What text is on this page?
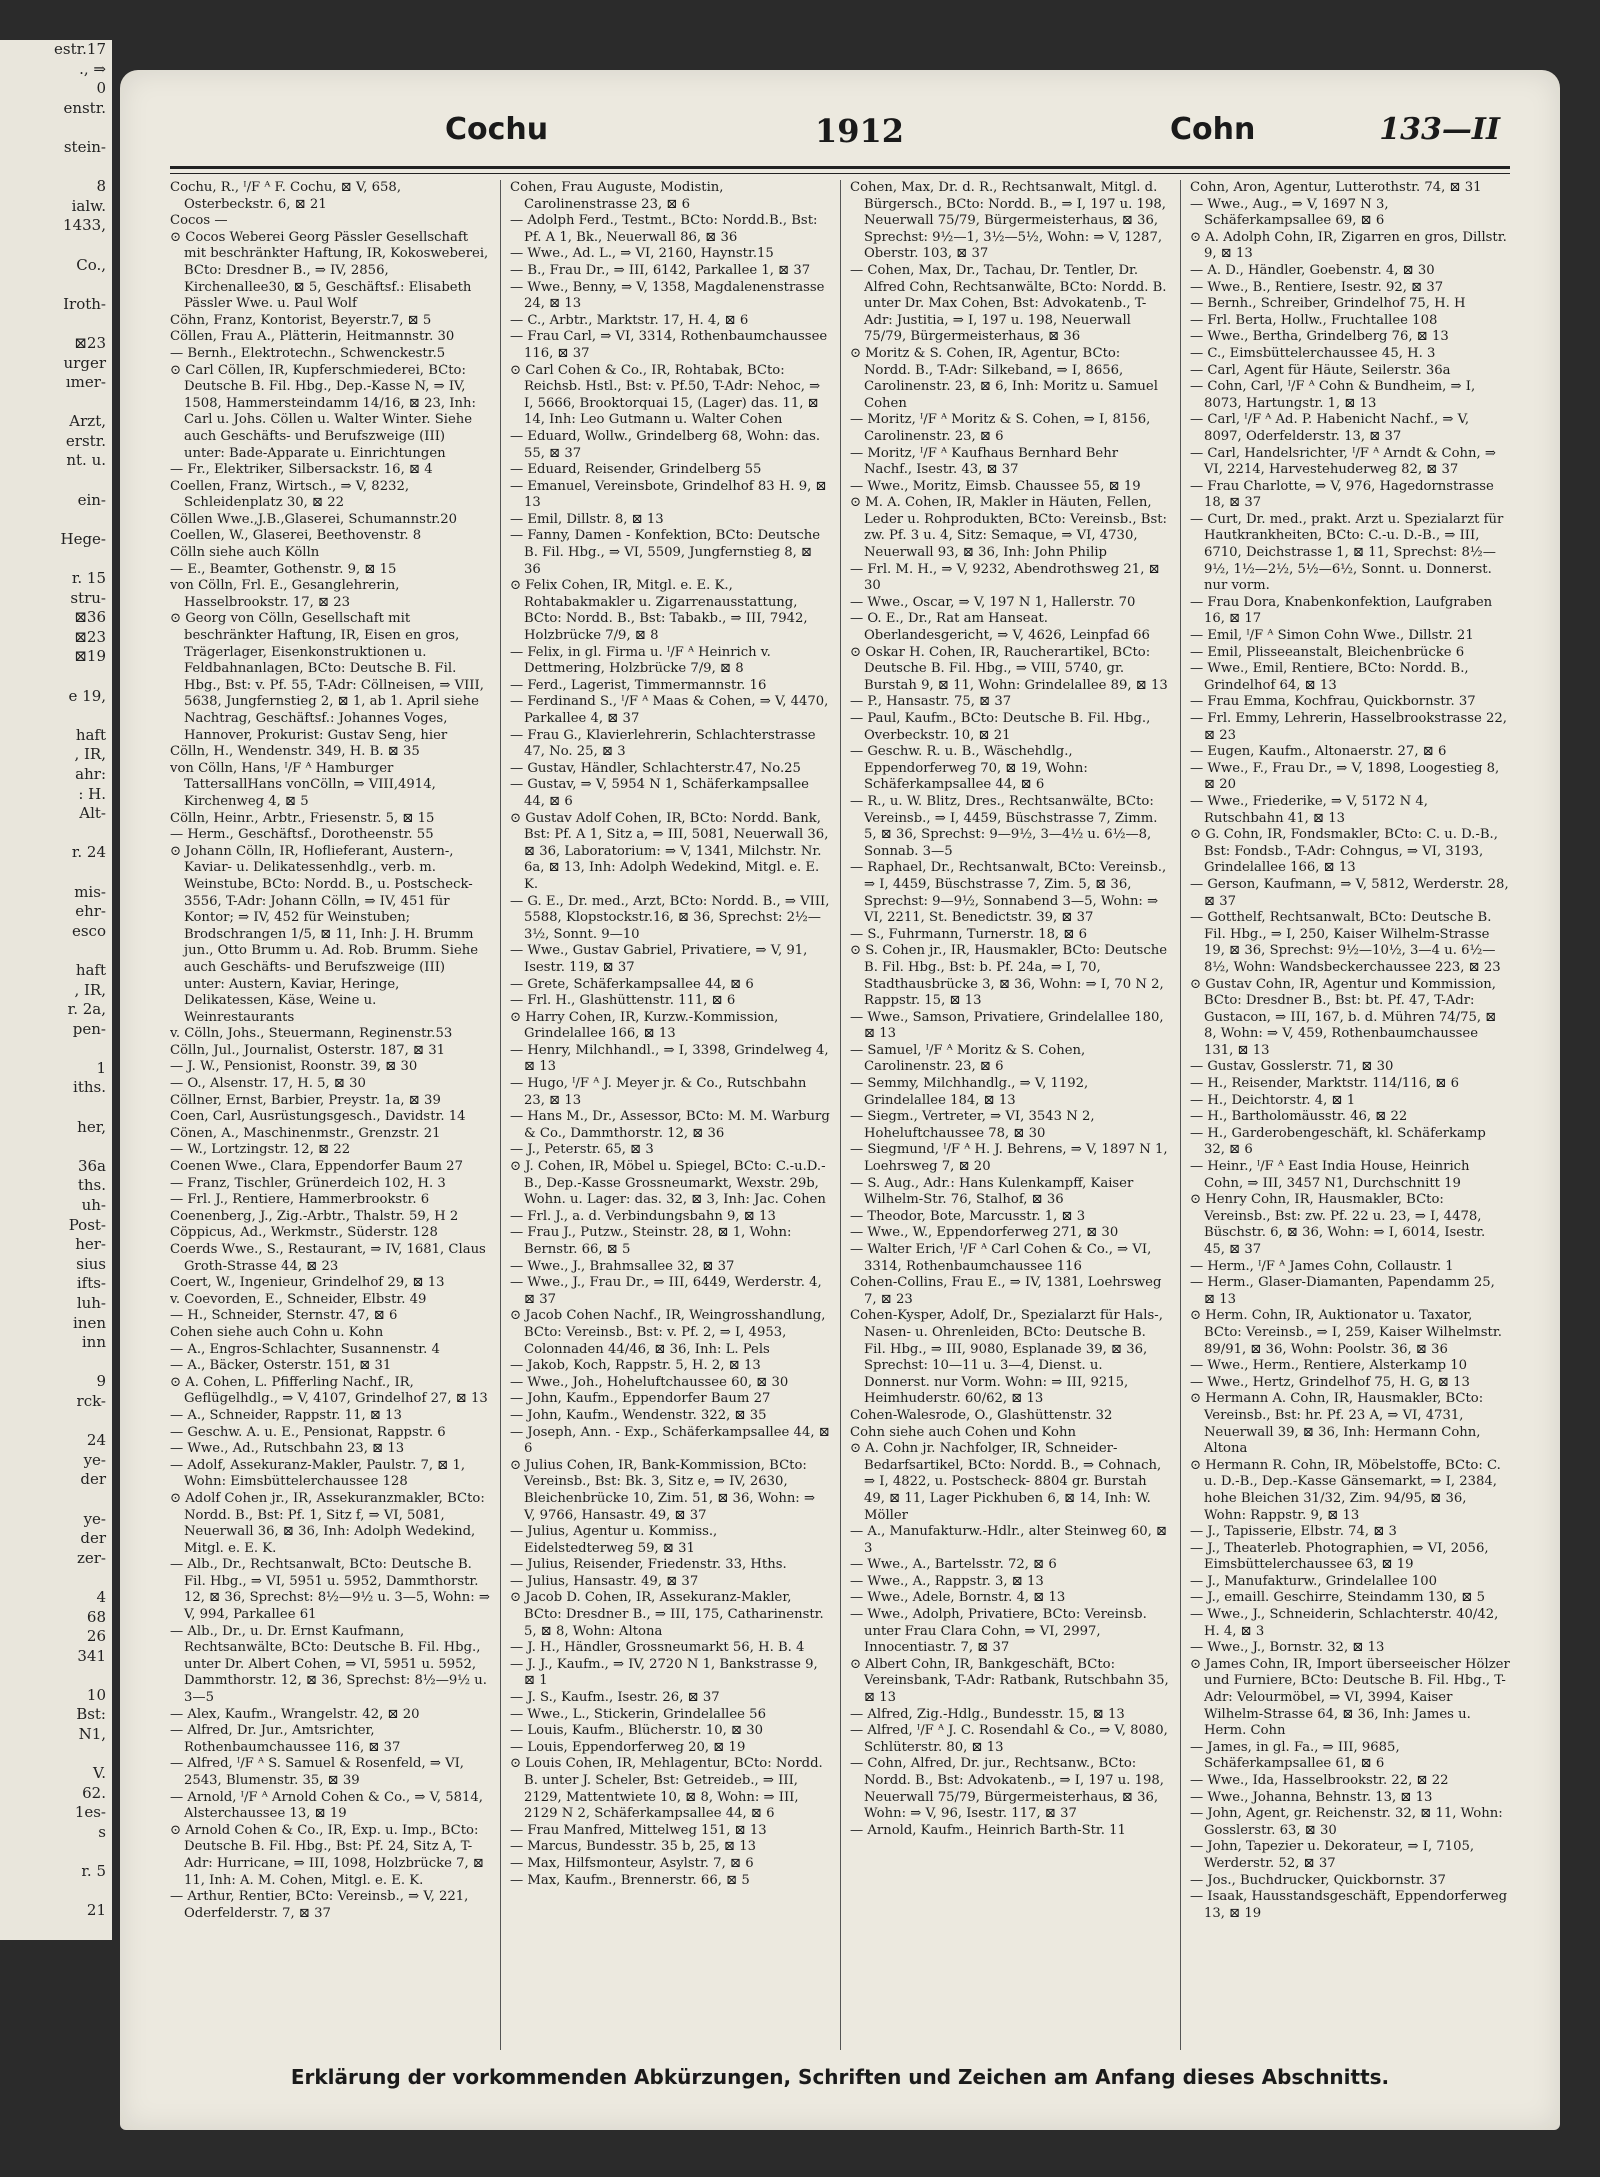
estr.17
., ⇒
0
enstr.

stein-

8
ialw.
1433,

Co.,

Iroth-

⊠23
urger
ımer-

Arzt,
erstr.
nt. u.

ein-

Hege-

r. 15
stru-
⊠36
⊠23
⊠19

e 19,

haft
, IR,
ahr:
: H.
Alt-

r. 24

mis-
ehr-
esco

haft
, IR,
r. 2a,
pen-

1
iths.

her,

36a
ths.
uh-
Post-
her-
sius
ifts-
luh-
inen
inn

9
rck-

24
ye-
der

ye-
der
zer-

4
68
26
341

10
Bst:
N1,

V.
62.
1es-
s

r. 5

21
Cochu	1912	Cohn	133—II
Cochu, R., ᴵ/F ᴬ F. Cochu, ⊠ V, 658, Osterbeckstr. 6, ⊠ 21
Cocos —
⊙ Cocos Weberei Georg Pässler Gesellschaft mit beschränkter Haftung, IR, Kokosweberei, BCto: Dresdner B., ⇒ IV, 2856, Kirchenallee30, ⊠ 5, Geschäftsf.: Elisabeth Pässler Wwe. u. Paul Wolf
Cöhn, Franz, Kontorist, Beyerstr.7, ⊠ 5
Cöllen, Frau A., Plätterin, Heitmannstr. 30
— Bernh., Elektrotechn., Schwenckestr.5
⊙ Carl Cöllen, IR, Kupferschmiederei, BCto: Deutsche B. Fil. Hbg., Dep.-Kasse N, ⇒ IV, 1508, Hammersteindamm 14/16, ⊠ 23, Inh: Carl u. Johs. Cöllen u. Walter Winter. Siehe auch Geschäfts- und Berufszweige (III) unter: Bade-Apparate u. Einrichtungen
— Fr., Elektriker, Silbersackstr. 16, ⊠ 4
Coellen, Franz, Wirtsch., ⇒ V, 8232, Schleidenplatz 30, ⊠ 22
Cöllen Wwe.,J.B.,Glaserei, Schumannstr.20
Coellen, W., Glaserei, Beethovenstr. 8
Cölln siehe auch Kölln
— E., Beamter, Gothenstr. 9, ⊠ 15
von Cölln, Frl. E., Gesanglehrerin, Hasselbrookstr. 17, ⊠ 23
⊙ Georg von Cölln, Gesellschaft mit beschränkter Haftung, IR, Eisen en gros, Trägerlager, Eisenkonstruktionen u. Feldbahnanlagen, BCto: Deutsche B. Fil. Hbg., Bst: v. Pf. 55, T-Adr: Cöllneisen, ⇒ VIII, 5638, Jungfernstieg 2, ⊠ 1, ab 1. April siehe Nachtrag, Geschäftsf.: Johannes Voges, Hannover, Prokurist: Gustav Seng, hier
Cölln, H., Wendenstr. 349, H. B. ⊠ 35
von Cölln, Hans, ᴵ/F ᴬ Hamburger TattersallHans vonCölln, ⇒ VIII,4914, Kirchenweg 4, ⊠ 5
Cölln, Heinr., Arbtr., Friesenstr. 5, ⊠ 15
— Herm., Geschäftsf., Dorotheenstr. 55
⊙ Johann Cölln, IR, Hoflieferant, Austern-, Kaviar- u. Delikatessenhdlg., verb. m. Weinstube, BCto: Nordd. B., u. Postscheck- 3556, T-Adr: Johann Cölln, ⇒ IV, 451 für Kontor; ⇒ IV, 452 für Weinstuben; Brodschrangen 1/5, ⊠ 11, Inh: J. H. Brumm jun., Otto Brumm u. Ad. Rob. Brumm. Siehe auch Geschäfts- und Berufszweige (III) unter: Austern, Kaviar, Heringe, Delikatessen, Käse, Weine u. Weinrestaurants
v. Cölln, Johs., Steuermann, Reginenstr.53
Cölln, Jul., Journalist, Osterstr. 187, ⊠ 31
— J. W., Pensionist, Roonstr. 39, ⊠ 30
— O., Alsenstr. 17, H. 5, ⊠ 30
Cöllner, Ernst, Barbier, Preystr. 1a, ⊠ 39
Coen, Carl, Ausrüstungsgesch., Davidstr. 14
Cönen, A., Maschinenmstr., Grenzstr. 21
— W., Lortzingstr. 12, ⊠ 22
Coenen Wwe., Clara, Eppendorfer Baum 27
— Franz, Tischler, Grünerdeich 102, H. 3
— Frl. J., Rentiere, Hammerbrookstr. 6
Coenenberg, J., Zig.-Arbtr., Thalstr. 59, H 2
Cöppicus, Ad., Werkmstr., Süderstr. 128
Coerds Wwe., S., Restaurant, ⇒ IV, 1681, Claus Groth-Strasse 44, ⊠ 23
Coert, W., Ingenieur, Grindelhof 29, ⊠ 13
v. Coevorden, E., Schneider, Elbstr. 49
— H., Schneider, Sternstr. 47, ⊠ 6
Cohen siehe auch Cohn u. Kohn
— A., Engros-Schlachter, Susannenstr. 4
— A., Bäcker, Osterstr. 151, ⊠ 31
⊙ A. Cohen, L. Pfifferling Nachf., IR, Geflügelhdlg., ⇒ V, 4107, Grindelhof 27, ⊠ 13
— A., Schneider, Rappstr. 11, ⊠ 13
— Geschw. A. u. E., Pensionat, Rappstr. 6
— Wwe., Ad., Rutschbahn 23, ⊠ 13
— Adolf, Assekuranz-Makler, Paulstr. 7, ⊠ 1, Wohn: Eimsbüttelerchaussee 128
⊙ Adolf Cohen jr., IR, Assekuranzmakler, BCto: Nordd. B., Bst: Pf. 1, Sitz f, ⇒ VI, 5081, Neuerwall 36, ⊠ 36, Inh: Adolph Wedekind, Mitgl. e. E. K.
— Alb., Dr., Rechtsanwalt, BCto: Deutsche B. Fil. Hbg., ⇒ VI, 5951 u. 5952, Dammthorstr. 12, ⊠ 36, Sprechst: 8½—9½ u. 3—5, Wohn: ⇒ V, 994, Parkallee 61
— Alb., Dr., u. Dr. Ernst Kaufmann, Rechtsanwälte, BCto: Deutsche B. Fil. Hbg., unter Dr. Albert Cohen, ⇒ VI, 5951 u. 5952, Dammthorstr. 12, ⊠ 36, Sprechst: 8½—9½ u. 3—5
— Alex, Kaufm., Wrangelstr. 42, ⊠ 20
— Alfred, Dr. Jur., Amtsrichter, Rothenbaumchaussee 116, ⊠ 37
— Alfred, ᴵ/F ᴬ S. Samuel & Rosenfeld, ⇒ VI, 2543, Blumenstr. 35, ⊠ 39
— Arnold, ᴵ/F ᴬ Arnold Cohen & Co., ⇒ V, 5814, Alsterchaussee 13, ⊠ 19
⊙ Arnold Cohen & Co., IR, Exp. u. Imp., BCto: Deutsche B. Fil. Hbg., Bst: Pf. 24, Sitz A, T-Adr: Hurricane, ⇒ III, 1098, Holzbrücke 7, ⊠ 11, Inh: A. M. Cohen, Mitgl. e. E. K.
— Arthur, Rentier, BCto: Vereinsb., ⇒ V, 221, Oderfelderstr. 7, ⊠ 37
Cohen, Frau Auguste, Modistin, Carolinenstrasse 23, ⊠ 6
— Adolph Ferd., Testmt., BCto: Nordd.B., Bst: Pf. A 1, Bk., Neuerwall 86, ⊠ 36
— Wwe., Ad. L., ⇒ VI, 2160, Haynstr.15
— B., Frau Dr., ⇒ III, 6142, Parkallee 1, ⊠ 37
— Wwe., Benny, ⇒ V, 1358, Magdalenenstrasse 24, ⊠ 13
— C., Arbtr., Marktstr. 17, H. 4, ⊠ 6
— Frau Carl, ⇒ VI, 3314, Rothenbaumchaussee 116, ⊠ 37
⊙ Carl Cohen & Co., IR, Rohtabak, BCto: Reichsb. Hstl., Bst: v. Pf.50, T-Adr: Nehoc, ⇒ I, 5666, Brooktorquai 15, (Lager) das. 11, ⊠ 14, Inh: Leo Gutmann u. Walter Cohen
— Eduard, Wollw., Grindelberg 68, Wohn: das. 55, ⊠ 37
— Eduard, Reisender, Grindelberg 55
— Emanuel, Vereinsbote, Grindelhof 83 H. 9, ⊠ 13
— Emil, Dillstr. 8, ⊠ 13
— Fanny, Damen - Konfektion, BCto: Deutsche B. Fil. Hbg., ⇒ VI, 5509, Jungfernstieg 8, ⊠ 36
⊙ Felix Cohen, IR, Mitgl. e. E. K., Rohtabakmakler u. Zigarrenausstattung, BCto: Nordd. B., Bst: Tabakb., ⇒ III, 7942, Holzbrücke 7/9, ⊠ 8
— Felix, in gl. Firma u. ᴵ/F ᴬ Heinrich v. Dettmering, Holzbrücke 7/9, ⊠ 8
— Ferd., Lagerist, Timmermannstr. 16
— Ferdinand S., ᴵ/F ᴬ Maas & Cohen, ⇒ V, 4470, Parkallee 4, ⊠ 37
— Frau G., Klavierlehrerin, Schlachterstrasse 47, No. 25, ⊠ 3
— Gustav, Händler, Schlachterstr.47, No.25
— Gustav, ⇒ V, 5954 N 1, Schäferkampsallee 44, ⊠ 6
⊙ Gustav Adolf Cohen, IR, BCto: Nordd. Bank, Bst: Pf. A 1, Sitz a, ⇒ III, 5081, Neuerwall 36, ⊠ 36, Laboratorium: ⇒ V, 1341, Milchstr. Nr. 6a, ⊠ 13, Inh: Adolph Wedekind, Mitgl. e. E. K.
— G. E., Dr. med., Arzt, BCto: Nordd. B., ⇒ VIII, 5588, Klopstockstr.16, ⊠ 36, Sprechst: 2½—3½, Sonnt. 9—10
— Wwe., Gustav Gabriel, Privatiere, ⇒ V, 91, Isestr. 119, ⊠ 37
— Grete, Schäferkampsallee 44, ⊠ 6
— Frl. H., Glashüttenstr. 111, ⊠ 6
⊙ Harry Cohen, IR, Kurzw.-Kommission, Grindelallee 166, ⊠ 13
— Henry, Milchhandl., ⇒ I, 3398, Grindelweg 4, ⊠ 13
— Hugo, ᴵ/F ᴬ J. Meyer jr. & Co., Rutschbahn 23, ⊠ 13
— Hans M., Dr., Assessor, BCto: M. M. Warburg & Co., Dammthorstr. 12, ⊠ 36
— J., Peterstr. 65, ⊠ 3
⊙ J. Cohen, IR, Möbel u. Spiegel, BCto: C.-u.D.-B., Dep.-Kasse Grossneumarkt, Wexstr. 29b, Wohn. u. Lager: das. 32, ⊠ 3, Inh: Jac. Cohen
— Frl. J., a. d. Verbindungsbahn 9, ⊠ 13
— Frau J., Putzw., Steinstr. 28, ⊠ 1, Wohn: Bernstr. 66, ⊠ 5
— Wwe., J., Brahmsallee 32, ⊠ 37
— Wwe., J., Frau Dr., ⇒ III, 6449, Werderstr. 4, ⊠ 37
⊙ Jacob Cohen Nachf., IR, Weingrosshandlung, BCto: Vereinsb., Bst: v. Pf. 2, ⇒ I, 4953, Colonnaden 44/46, ⊠ 36, Inh: L. Pels
— Jakob, Koch, Rappstr. 5, H. 2, ⊠ 13
— Wwe., Joh., Hoheluftchaussee 60, ⊠ 30
— John, Kaufm., Eppendorfer Baum 27
— John, Kaufm., Wendenstr. 322, ⊠ 35
— Joseph, Ann. - Exp., Schäferkampsallee 44, ⊠ 6
⊙ Julius Cohen, IR, Bank-Kommission, BCto: Vereinsb., Bst: Bk. 3, Sitz e, ⇒ IV, 2630, Bleichenbrücke 10, Zim. 51, ⊠ 36, Wohn: ⇒ V, 9766, Hansastr. 49, ⊠ 37
— Julius, Agentur u. Kommiss., Eidelstedterweg 59, ⊠ 31
— Julius, Reisender, Friedenstr. 33, Hths.
— Julius, Hansastr. 49, ⊠ 37
⊙ Jacob D. Cohen, IR, Assekuranz-Makler, BCto: Dresdner B., ⇒ III, 175, Catharinenstr. 5, ⊠ 8, Wohn: Altona
— J. H., Händler, Grossneumarkt 56, H. B. 4
— J. J., Kaufm., ⇒ IV, 2720 N 1, Bankstrasse 9, ⊠ 1
— J. S., Kaufm., Isestr. 26, ⊠ 37
— Wwe., L., Stickerin, Grindelallee 56
— Louis, Kaufm., Blücherstr. 10, ⊠ 30
— Louis, Eppendorferweg 20, ⊠ 19
⊙ Louis Cohen, IR, Mehlagentur, BCto: Nordd. B. unter J. Scheler, Bst: Getreideb., ⇒ III, 2129, Mattentwiete 10, ⊠ 8, Wohn: ⇒ III, 2129 N 2, Schäferkampsallee 44, ⊠ 6
— Frau Manfred, Mittelweg 151, ⊠ 13
— Marcus, Bundesstr. 35 b, 25, ⊠ 13
— Max, Hilfsmonteur, Asylstr. 7, ⊠ 6
— Max, Kaufm., Brennerstr. 66, ⊠ 5
Cohen, Max, Dr. d. R., Rechtsanwalt, Mitgl. d. Bürgersch., BCto: Nordd. B., ⇒ I, 197 u. 198, Neuerwall 75/79, Bürgermeisterhaus, ⊠ 36, Sprechst: 9½—1, 3½—5½, Wohn: ⇒ V, 1287, Oberstr. 103, ⊠ 37
— Cohen, Max, Dr., Tachau, Dr. Tentler, Dr. Alfred Cohn, Rechtsanwälte, BCto: Nordd. B. unter Dr. Max Cohen, Bst: Advokatenb., T-Adr: Justitia, ⇒ I, 197 u. 198, Neuerwall 75/79, Bürgermeisterhaus, ⊠ 36
⊙ Moritz & S. Cohen, IR, Agentur, BCto: Nordd. B., T-Adr: Silkeband, ⇒ I, 8656, Carolinenstr. 23, ⊠ 6, Inh: Moritz u. Samuel Cohen
— Moritz, ᴵ/F ᴬ Moritz & S. Cohen, ⇒ I, 8156, Carolinenstr. 23, ⊠ 6
— Moritz, ᴵ/F ᴬ Kaufhaus Bernhard Behr Nachf., Isestr. 43, ⊠ 37
— Wwe., Moritz, Eimsb. Chaussee 55, ⊠ 19
⊙ M. A. Cohen, IR, Makler in Häuten, Fellen, Leder u. Rohprodukten, BCto: Vereinsb., Bst: zw. Pf. 3 u. 4, Sitz: Semaque, ⇒ VI, 4730, Neuerwall 93, ⊠ 36, Inh: John Philip
— Frl. M. H., ⇒ V, 9232, Abendrothsweg 21, ⊠ 30
— Wwe., Oscar, ⇒ V, 197 N 1, Hallerstr. 70
— O. E., Dr., Rat am Hanseat. Oberlandesgericht, ⇒ V, 4626, Leinpfad 66
⊙ Oskar H. Cohen, IR, Raucherartikel, BCto: Deutsche B. Fil. Hbg., ⇒ VIII, 5740, gr. Burstah 9, ⊠ 11, Wohn: Grindelallee 89, ⊠ 13
— P., Hansastr. 75, ⊠ 37
— Paul, Kaufm., BCto: Deutsche B. Fil. Hbg., Overbeckstr. 10, ⊠ 21
— Geschw. R. u. B., Wäschehdlg., Eppendorferweg 70, ⊠ 19, Wohn: Schäferkampsallee 44, ⊠ 6
— R., u. W. Blitz, Dres., Rechtsanwälte, BCto: Vereinsb., ⇒ I, 4459, Büschstrasse 7, Zimm. 5, ⊠ 36, Sprechst: 9—9½, 3—4½ u. 6½—8, Sonnab. 3—5
— Raphael, Dr., Rechtsanwalt, BCto: Vereinsb., ⇒ I, 4459, Büschstrasse 7, Zim. 5, ⊠ 36, Sprechst: 9—9½, Sonnabend 3—5, Wohn: ⇒ VI, 2211, St. Benedictstr. 39, ⊠ 37
— S., Fuhrmann, Turnerstr. 18, ⊠ 6
⊙ S. Cohen jr., IR, Hausmakler, BCto: Deutsche B. Fil. Hbg., Bst: b. Pf. 24a, ⇒ I, 70, Stadthausbrücke 3, ⊠ 36, Wohn: ⇒ I, 70 N 2, Rappstr. 15, ⊠ 13
— Wwe., Samson, Privatiere, Grindelallee 180, ⊠ 13
— Samuel, ᴵ/F ᴬ Moritz & S. Cohen, Carolinenstr. 23, ⊠ 6
— Semmy, Milchhandlg., ⇒ V, 1192, Grindelallee 184, ⊠ 13
— Siegm., Vertreter, ⇒ VI, 3543 N 2, Hoheluftchaussee 78, ⊠ 30
— Siegmund, ᴵ/F ᴬ H. J. Behrens, ⇒ V, 1897 N 1, Loehrsweg 7, ⊠ 20
— S. Aug., Adr.: Hans Kulenkampff, Kaiser Wilhelm-Str. 76, Stalhof, ⊠ 36
— Theodor, Bote, Marcusstr. 1, ⊠ 3
— Wwe., W., Eppendorferweg 271, ⊠ 30
— Walter Erich, ᴵ/F ᴬ Carl Cohen & Co., ⇒ VI, 3314, Rothenbaumchaussee 116
Cohen-Collins, Frau E., ⇒ IV, 1381, Loehrsweg 7, ⊠ 23
Cohen-Kysper, Adolf, Dr., Spezialarzt für Hals-, Nasen- u. Ohrenleiden, BCto: Deutsche B. Fil. Hbg., ⇒ III, 9080, Esplanade 39, ⊠ 36, Sprechst: 10—11 u. 3—4, Dienst. u. Donnerst. nur Vorm. Wohn: ⇒ III, 9215, Heimhuderstr. 60/62, ⊠ 13
Cohen-Walesrode, O., Glashüttenstr. 32
Cohn siehe auch Cohen und Kohn
⊙ A. Cohn jr. Nachfolger, IR, Schneider-Bedarfsartikel, BCto: Nordd. B., ⇒ Cohnach, ⇒ I, 4822, u. Postscheck- 8804 gr. Burstah 49, ⊠ 11, Lager Pickhuben 6, ⊠ 14, Inh: W. Möller
— A., Manufakturw.-Hdlr., alter Steinweg 60, ⊠ 3
— Wwe., A., Bartelsstr. 72, ⊠ 6
— Wwe., A., Rappstr. 3, ⊠ 13
— Wwe., Adele, Bornstr. 4, ⊠ 13
— Wwe., Adolph, Privatiere, BCto: Vereinsb. unter Frau Clara Cohn, ⇒ VI, 2997, Innocentiastr. 7, ⊠ 37
⊙ Albert Cohn, IR, Bankgeschäft, BCto: Vereinsbank, T-Adr: Ratbank, Rutschbahn 35, ⊠ 13
— Alfred, Zig.-Hdlg., Bundesstr. 15, ⊠ 13
— Alfred, ᴵ/F ᴬ J. C. Rosendahl & Co., ⇒ V, 8080, Schlüterstr. 80, ⊠ 13
— Cohn, Alfred, Dr. jur., Rechtsanw., BCto: Nordd. B., Bst: Advokatenb., ⇒ I, 197 u. 198, Neuerwall 75/79, Bürgermeisterhaus, ⊠ 36, Wohn: ⇒ V, 96, Isestr. 117, ⊠ 37
— Arnold, Kaufm., Heinrich Barth-Str. 11
Cohn, Aron, Agentur, Lutterothstr. 74, ⊠ 31
— Wwe., Aug., ⇒ V, 1697 N 3, Schäferkampsallee 69, ⊠ 6
⊙ A. Adolph Cohn, IR, Zigarren en gros, Dillstr. 9, ⊠ 13
— A. D., Händler, Goebenstr. 4, ⊠ 30
— Wwe., B., Rentiere, Isestr. 92, ⊠ 37
— Bernh., Schreiber, Grindelhof 75, H. H
— Frl. Berta, Hollw., Fruchtallee 108
— Wwe., Bertha, Grindelberg 76, ⊠ 13
— C., Eimsbüttelerchaussee 45, H. 3
— Carl, Agent für Häute, Seilerstr. 36a
— Cohn, Carl, ᴵ/F ᴬ Cohn & Bundheim, ⇒ I, 8073, Hartungstr. 1, ⊠ 13
— Carl, ᴵ/F ᴬ Ad. P. Habenicht Nachf., ⇒ V, 8097, Oderfelderstr. 13, ⊠ 37
— Carl, Handelsrichter, ᴵ/F ᴬ Arndt & Cohn, ⇒ VI, 2214, Harvestehuderweg 82, ⊠ 37
— Frau Charlotte, ⇒ V, 976, Hagedornstrasse 18, ⊠ 37
— Curt, Dr. med., prakt. Arzt u. Spezialarzt für Hautkrankheiten, BCto: C.-u. D.-B., ⇒ III, 6710, Deichstrasse 1, ⊠ 11, Sprechst: 8½—9½, 1½—2½, 5½—6½, Sonnt. u. Donnerst. nur vorm.
— Frau Dora, Knabenkonfektion, Laufgraben 16, ⊠ 17
— Emil, ᴵ/F ᴬ Simon Cohn Wwe., Dillstr. 21
— Emil, Plisseeanstalt, Bleichenbrücke 6
— Wwe., Emil, Rentiere, BCto: Nordd. B., Grindelhof 64, ⊠ 13
— Frau Emma, Kochfrau, Quickbornstr. 37
— Frl. Emmy, Lehrerin, Hasselbrookstrasse 22, ⊠ 23
— Eugen, Kaufm., Altonaerstr. 27, ⊠ 6
— Wwe., F., Frau Dr., ⇒ V, 1898, Loogestieg 8, ⊠ 20
— Wwe., Friederike, ⇒ V, 5172 N 4, Rutschbahn 41, ⊠ 13
⊙ G. Cohn, IR, Fondsmakler, BCto: C. u. D.-B., Bst: Fondsb., T-Adr: Cohngus, ⇒ VI, 3193, Grindelallee 166, ⊠ 13
— Gerson, Kaufmann, ⇒ V, 5812, Werderstr. 28, ⊠ 37
— Gotthelf, Rechtsanwalt, BCto: Deutsche B. Fil. Hbg., ⇒ I, 250, Kaiser Wilhelm-Strasse 19, ⊠ 36, Sprechst: 9½—10½, 3—4 u. 6½—8½, Wohn: Wandsbeckerchaussee 223, ⊠ 23
⊙ Gustav Cohn, IR, Agentur und Kommission, BCto: Dresdner B., Bst: bt. Pf. 47, T-Adr: Gustacon, ⇒ III, 167, b. d. Mühren 74/75, ⊠ 8, Wohn: ⇒ V, 459, Rothenbaumchaussee 131, ⊠ 13
— Gustav, Gosslerstr. 71, ⊠ 30
— H., Reisender, Marktstr. 114/116, ⊠ 6
— H., Deichtorstr. 4, ⊠ 1
— H., Bartholomäusstr. 46, ⊠ 22
— H., Garderobengeschäft, kl. Schäferkamp 32, ⊠ 6
— Heinr., ᴵ/F ᴬ East India House, Heinrich Cohn, ⇒ III, 3457 N1, Durchschnitt 19
⊙ Henry Cohn, IR, Hausmakler, BCto: Vereinsb., Bst: zw. Pf. 22 u. 23, ⇒ I, 4478, Büschstr. 6, ⊠ 36, Wohn: ⇒ I, 6014, Isestr. 45, ⊠ 37
— Herm., ᴵ/F ᴬ James Cohn, Collaustr. 1
— Herm., Glaser-Diamanten, Papendamm 25, ⊠ 13
⊙ Herm. Cohn, IR, Auktionator u. Taxator, BCto: Vereinsb., ⇒ I, 259, Kaiser Wilhelmstr. 89/91, ⊠ 36, Wohn: Poolstr. 36, ⊠ 36
— Wwe., Herm., Rentiere, Alsterkamp 10
— Wwe., Hertz, Grindelhof 75, H. G, ⊠ 13
⊙ Hermann A. Cohn, IR, Hausmakler, BCto: Vereinsb., Bst: hr. Pf. 23 A, ⇒ VI, 4731, Neuerwall 39, ⊠ 36, Inh: Hermann Cohn, Altona
⊙ Hermann R. Cohn, IR, Möbelstoffe, BCto: C. u. D.-B., Dep.-Kasse Gänsemarkt, ⇒ I, 2384, hohe Bleichen 31/32, Zim. 94/95, ⊠ 36, Wohn: Rappstr. 9, ⊠ 13
— J., Tapisserie, Elbstr. 74, ⊠ 3
— J., Theaterleb. Photographien, ⇒ VI, 2056, Eimsbüttelerchaussee 63, ⊠ 19
— J., Manufakturw., Grindelallee 100
— J., emaill. Geschirre, Steindamm 130, ⊠ 5
— Wwe., J., Schneiderin, Schlachterstr. 40/42, H. 4, ⊠ 3
— Wwe., J., Bornstr. 32, ⊠ 13
⊙ James Cohn, IR, Import überseeischer Hölzer und Furniere, BCto: Deutsche B. Fil. Hbg., T-Adr: Velourmöbel, ⇒ VI, 3994, Kaiser Wilhelm-Strasse 64, ⊠ 36, Inh: James u. Herm. Cohn
— James, in gl. Fa., ⇒ III, 9685, Schäferkampsallee 61, ⊠ 6
— Wwe., Ida, Hasselbrookstr. 22, ⊠ 22
— Wwe., Johanna, Behnstr. 13, ⊠ 13
— John, Agent, gr. Reichenstr. 32, ⊠ 11, Wohn: Gosslerstr. 63, ⊠ 30
— John, Tapezier u. Dekorateur, ⇒ I, 7105, Werderstr. 52, ⊠ 37
— Jos., Buchdrucker, Quickbornstr. 37
— Isaak, Hausstandsgeschäft, Eppendorferweg 13, ⊠ 19
Erklärung der vorkommenden Abkürzungen, Schriften und Zeichen am Anfang dieses Abschnitts.
